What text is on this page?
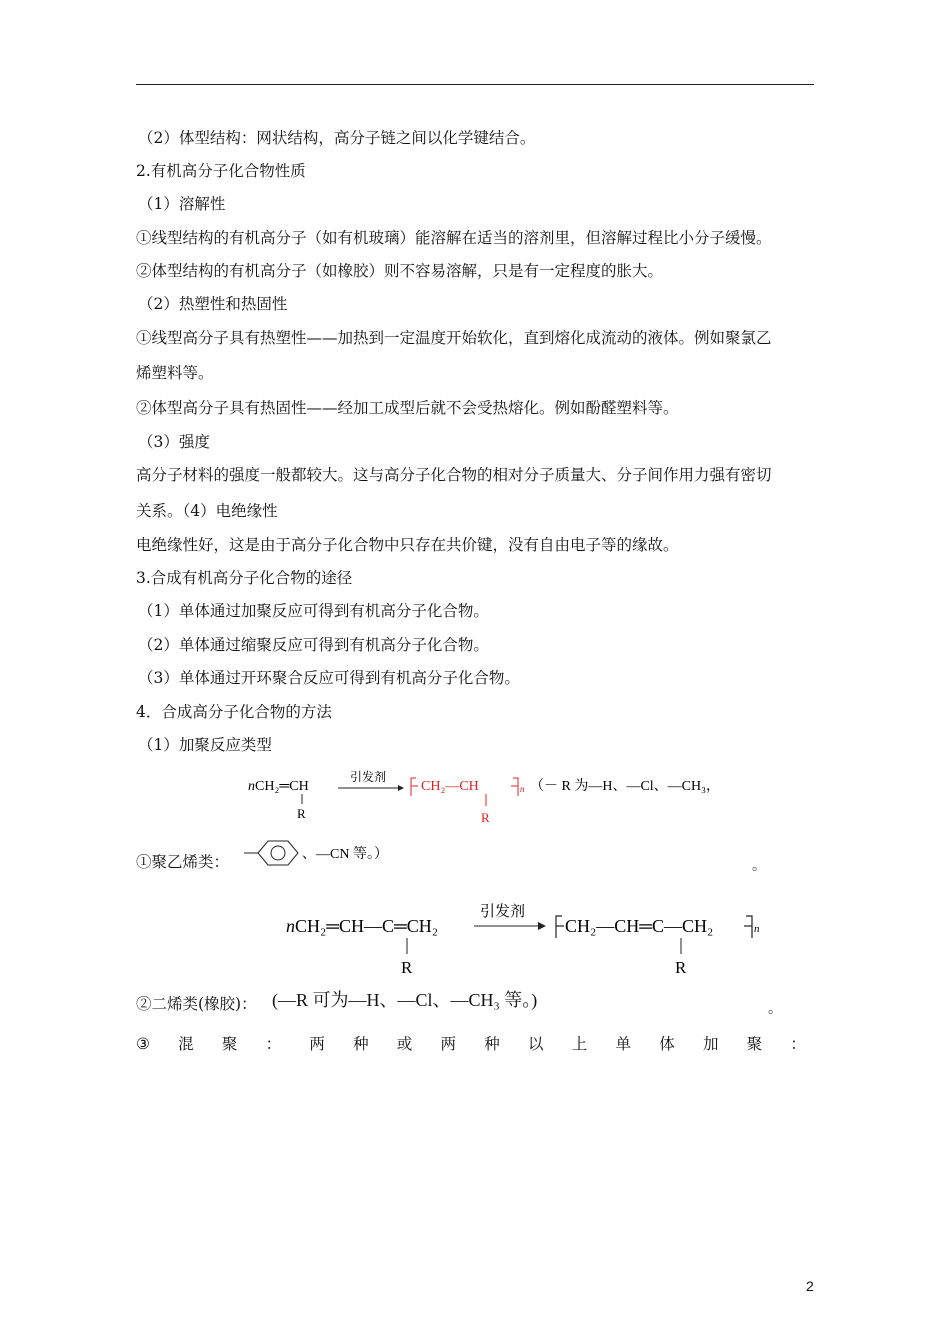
（2）体型结构：网状结构，高分子链之间以化学键结合。
2.有机高分子化合物性质
（1）溶解性
①线型结构的有机高分子（如有机玻璃）能溶解在适当的溶剂里，但溶解过程比小分子缓慢。
②体型结构的有机高分子（如橡胶）则不容易溶解，只是有一定程度的胀大。
（2）热塑性和热固性
①线型高分子具有热塑性——加热到一定温度开始软化，直到熔化成流动的液体。例如聚氯乙
烯塑料等。
②体型高分子具有热固性——经加工成型后就不会受热熔化。例如酚醛塑料等。
（3）强度
高分子材料的强度一般都较大。这与高分子化合物的相对分子质量大、分子间作用力强有密切
关系。（4）电绝缘性
电绝缘性好，这是由于高分子化合物中只存在共价键，没有自由电子等的缘故。
3.合成有机高分子化合物的途径
（1）单体通过加聚反应可得到有机高分子化合物。
（2）单体通过缩聚反应可得到有机高分子化合物。
（3）单体通过开环聚合反应可得到有机高分子化合物。
4．合成高分子化合物的方法
（1）加聚反应类型
n CH₂═CH
R
引发剂
CH₂—CH
R
n （－ R 为—H、—Cl、—CH₃，
①聚乙烯类：	、—CN 等。）
。
n CH₂═CH—C═CH₂
R
引发剂
CH₂—CH═C—CH₂
R
n
②二烯类(橡胶)： (—R 可为—H、—Cl、—CH₃ 等。)	。
③ 混 聚 ： 两 种 或 两 种 以 上 单 体 加 聚 ：
2
